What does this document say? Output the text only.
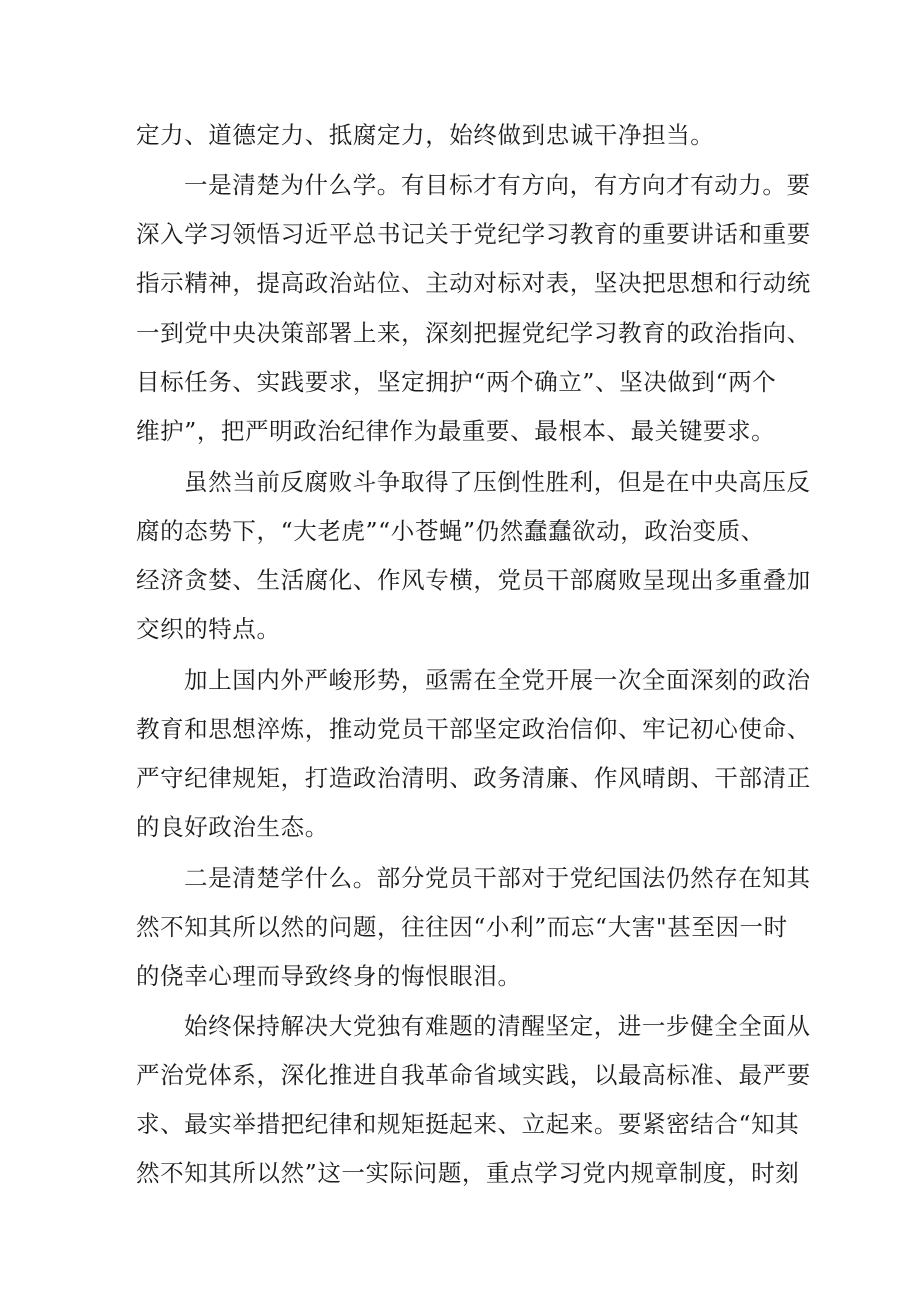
定力、道德定力、抵腐定力，始终做到忠诚干净担当。

一是清楚为什么学。有目标才有方向，有方向才有动力。要

深入学习领悟习近平总书记关于党纪学习教育的重要讲话和重要

指示精神，提高政治站位、主动对标对表，坚决把思想和行动统

一到党中央决策部署上来，深刻把握党纪学习教育的政治指向、

目标任务、实践要求，坚定拥护“两个确立”、坚决做到“两个

维护”，把严明政治纪律作为最重要、最根本、最关键要求。

虽然当前反腐败斗争取得了压倒性胜利，但是在中央高压反

腐的态势下，“大老虎”“小苍蝇”仍然蠢蠢欲动，政治变质、

经济贪婪、生活腐化、作风专横，党员干部腐败呈现出多重叠加

交织的特点。

加上国内外严峻形势，亟需在全党开展一次全面深刻的政治

教育和思想淬炼，推动党员干部坚定政治信仰、牢记初心使命、

严守纪律规矩，打造政治清明、政务清廉、作风晴朗、干部清正

的良好政治生态。

二是清楚学什么。部分党员干部对于党纪国法仍然存在知其

然不知其所以然的问题，往往因“小利”而忘“大害"甚至因一时

的侥幸心理而导致终身的悔恨眼泪。

始终保持解决大党独有难题的清醒坚定，进一步健全全面从

严治党体系，深化推进自我革命省域实践，以最高标准、最严要

求、最实举措把纪律和规矩挺起来、立起来。要紧密结合“知其

然不知其所以然”这一实际问题，重点学习党内规章制度，时刻
